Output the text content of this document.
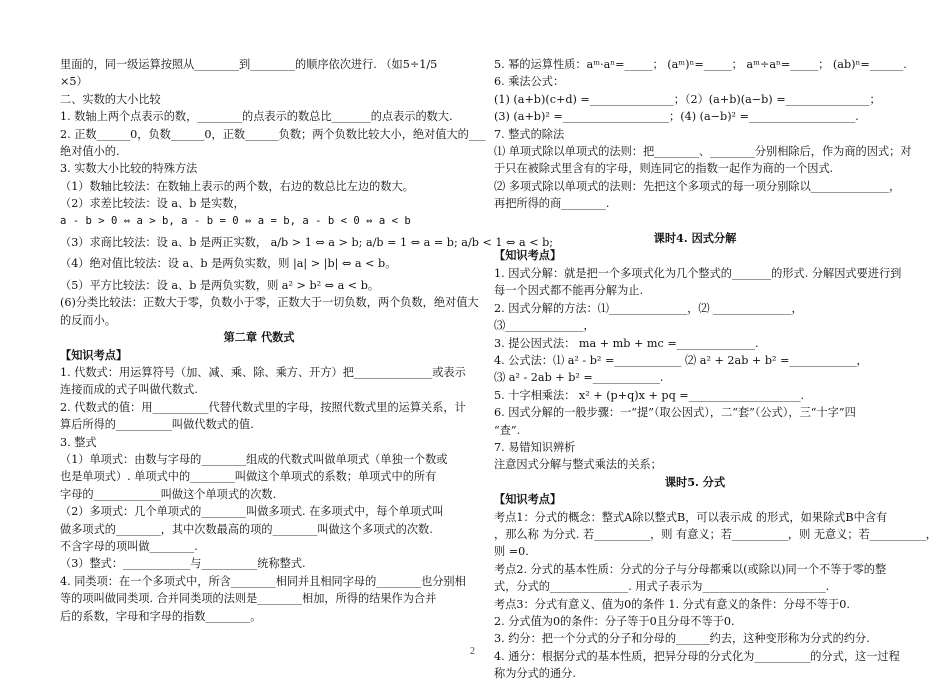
里面的，同一级运算按照从________到________的顺序依次进行. （如5÷1/5
×5）
二、实数的大小比较
1. 数轴上两个点表示的数，________的点表示的数总比_______的点表示的数大.
2. 正数______0，负数______0，正数______负数；两个负数比较大小，绝对值大的___
绝对值小的.
3. 实数大小比较的特殊方法
（1）数轴比较法：在数轴上表示的两个数，右边的数总比左边的数大。
（2）求差比较法：设 a、b 是实数，
a - b > 0 ⇔ a > b, a - b = 0 ⇔ a = b, a - b < 0 ⇔ a < b
（3）求商比较法：设 a、b 是两正实数， a/b > 1 ⇔ a > b; a/b = 1 ⇔ a = b; a/b < 1 ⇔ a < b;
（4）绝对值比较法：设 a、b 是两负实数，则 |a| > |b| ⇔ a < b。
（5）平方比较法：设 a、b 是两负实数，则 a² > b² ⇔ a < b。
(6)分类比较法：正数大于零，负数小于零，正数大于一切负数，两个负数，绝对值大
的反而小。
第二章 代数式
【知识考点】
1. 代数式：用运算符号（加、减、乘、除、乘方、开方）把______________或表示
连接而成的式子叫做代数式.
2. 代数式的值：用__________代替代数式里的字母，按照代数式里的运算关系，计
算后所得的__________叫做代数式的值.
3. 整式
（1）单项式：由数与字母的________组成的代数式叫做单项式（单独一个数或
也是单项式）. 单项式中的________叫做这个单项式的系数；单项式中的所有
字母的____________叫做这个单项式的次数.
（2）多项式：几个单项式的________叫做多项式. 在多项式中，每个单项式叫
做多项式的________，其中次数最高的项的________叫做这个多项式的次数.
不含字母的项叫做________.
（3）整式：____________与__________统称整式.
4. 同类项：在一个多项式中，所含________相同并且相同字母的________也分别相
等的项叫做同类项. 合并同类项的法则是________相加，所得的结果作为合并
后的系数，字母和字母的指数________。
5. 幂的运算性质：aᵐ·aⁿ=_____； (aᵐ)ⁿ=_____； aᵐ÷aⁿ=_____； (ab)ⁿ=______.
6. 乘法公式：
(1) (a+b)(c+d) =_______________；（2）(a+b)(a−b) =_______________；
(3) (a+b)² =___________________；(4) (a−b)² =___________________.
7. 整式的除法
⑴ 单项式除以单项式的法则：把________、________分别相除后，作为商的因式；对
于只在被除式里含有的字母，则连同它的指数一起作为商的一个因式.
⑵ 多项式除以单项式的法则：先把这个多项式的每一项分别除以______________，
再把所得的商________.

课时4. 因式分解
【知识考点】
1. 因式分解：就是把一个多项式化为几个整式的_______的形式. 分解因式要进行到
每一个因式都不能再分解为止.
2. 因式分解的方法：⑴______________，⑵ ______________，
⑶______________，
3. 提公因式法： ma + mb + mc =______________.
4. 公式法：⑴ a² - b² =____________ ⑵ a² + 2ab + b² =____________，
⑶ a² - 2ab + b² =____________.
5. 十字相乘法： x² + (p+q)x + pq =____________________.
6. 因式分解的一般步骤：一“提”（取公因式），二“套”（公式），三“十字”四
“查”.
7. 易错知识辨析
注意因式分解与整式乘法的关系；
课时5. 分式
【知识考点】
考点1：分式的概念：整式A除以整式B，可以表示成 的形式，如果除式B中含有
，那么称 为分式. 若__________，则 有意义；若__________，则 无意义；若__________，
则 =0.
考点2. 分式的基本性质：分式的分子与分母都乘以(或除以)同一个不等于零的整
式，分式的______________. 用式子表示为______________________.
考点3：分式有意义、值为0的条件 1. 分式有意义的条件：分母不等于0.
2. 分式值为0的条件：分子等于0且分母不等于0.
3. 约分：把一个分式的分子和分母的______约去，这种变形称为分式的约分.
4. 通分：根据分式的基本性质，把异分母的分式化为__________的分式，这一过程
称为分式的通分.
2
